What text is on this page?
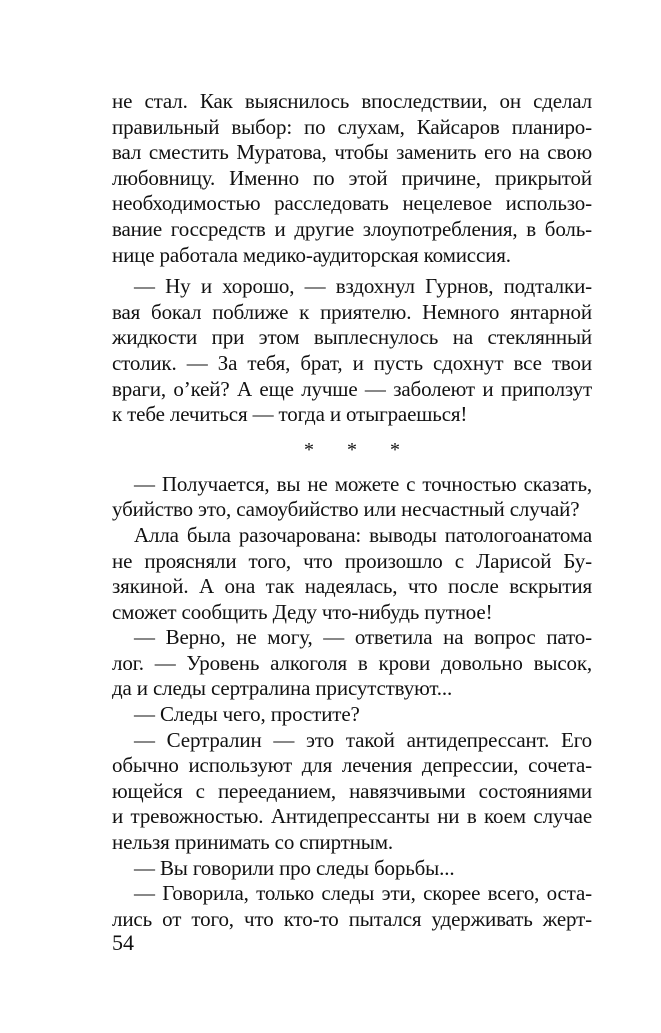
не стал. Как выяснилось впоследствии, он сделал
правильный выбор: по слухам, Кайсаров планиро-
вал сместить Муратова, чтобы заменить его на свою
любовницу. Именно по этой причине, прикрытой
необходимостью расследовать нецелевое использо-
вание госсредств и другие злоупотребления, в боль-
нице работала медико-аудиторская комиссия.
— Ну и хорошо, — вздохнул Гурнов, подталки-
вая бокал поближе к приятелю. Немного янтарной
жидкости при этом выплеснулось на стеклянный
столик. — За тебя, брат, и пусть сдохнут все твои
враги, о’кей? А еще лучше — заболеют и приползут
к тебе лечиться — тогда и отыграешься!
* * *
— Получается, вы не можете с точностью сказать,
убийство это, самоубийство или несчастный случай?
Алла была разочарована: выводы патологоанатома
не проясняли того, что произошло с Ларисой Бу-
зякиной. А она так надеялась, что после вскрытия
сможет сообщить Деду что-нибудь путное!
— Верно, не могу, — ответила на вопрос пато-
лог. — Уровень алкоголя в крови довольно высок,
да и следы сертралина присутствуют...
— Следы чего, простите?
— Сертралин — это такой антидепрессант. Его
обычно используют для лечения депрессии, сочета-
ющейся с перееданием, навязчивыми состояниями
и тревожностью. Антидепрессанты ни в коем случае
нельзя принимать со спиртным.
— Вы говорили про следы борьбы...
— Говорила, только следы эти, скорее всего, оста-
лись от того, что кто-то пытался удерживать жерт-
54
